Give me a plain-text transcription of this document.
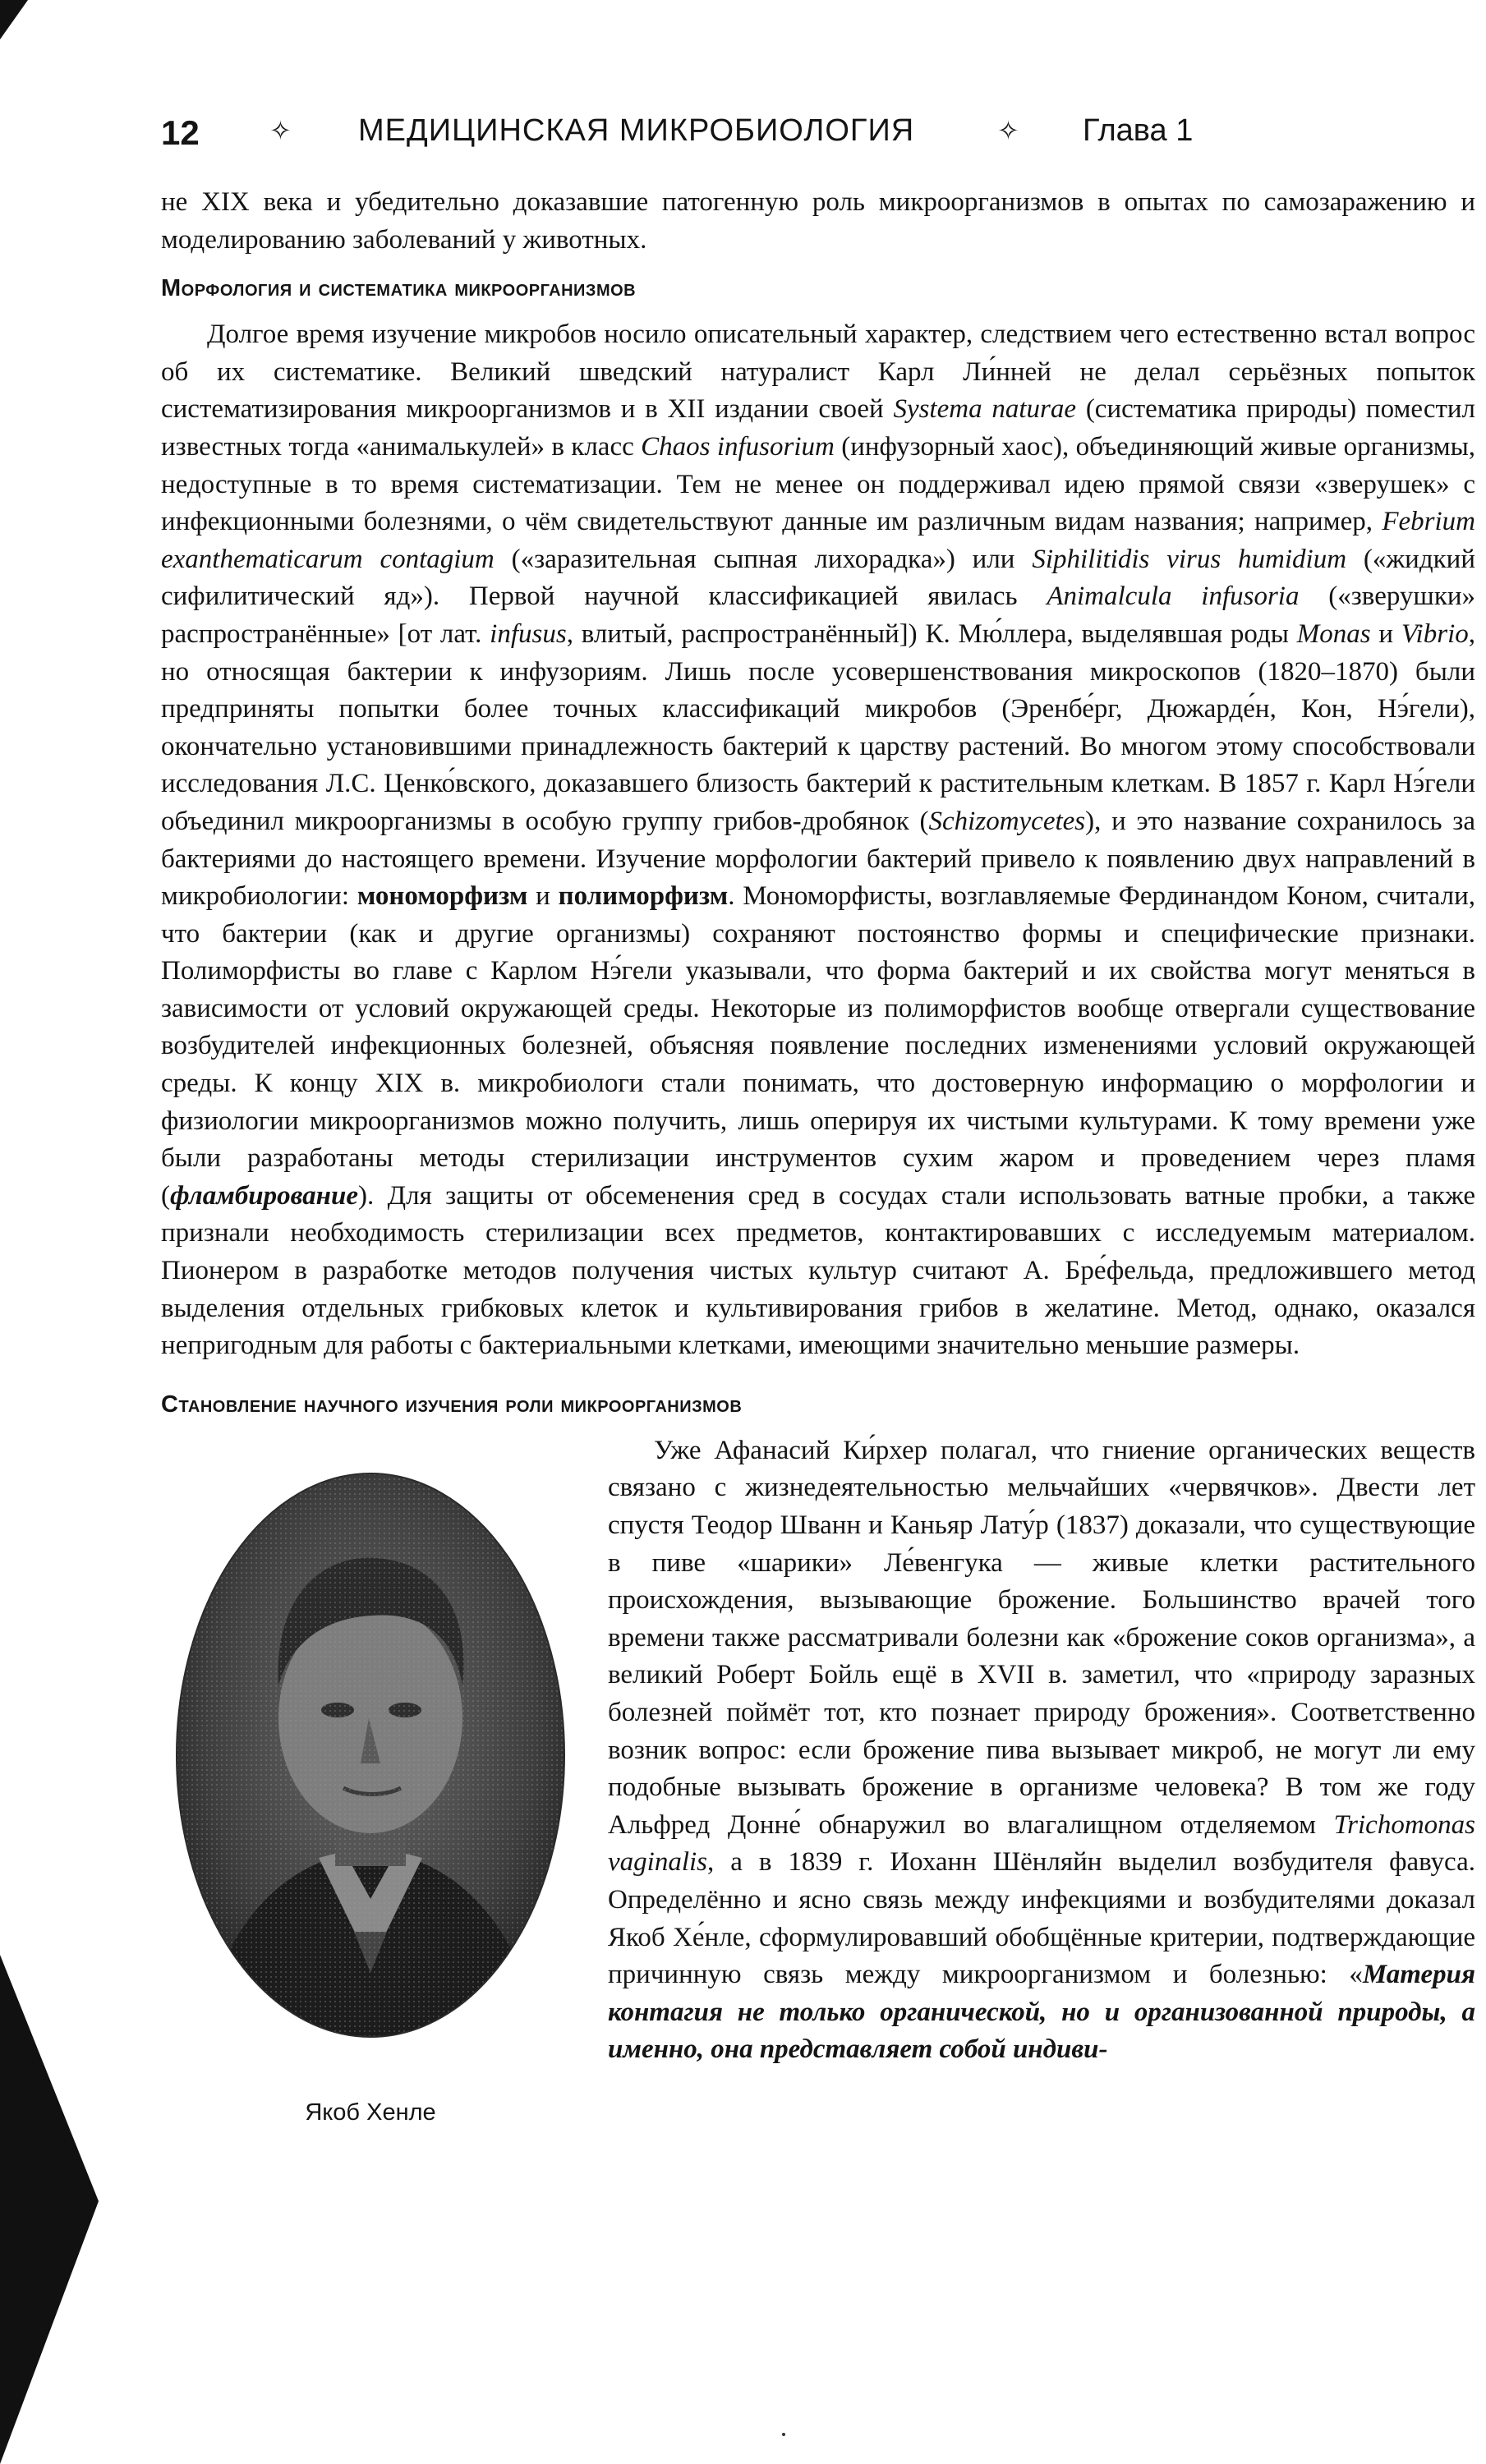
12	✧ МЕДИЦИНСКАЯ МИКРОБИОЛОГИЯ	✧ Глава 1

не XIX века и убедительно доказавшие патогенную роль микроорганизмов в опытах по самозаражению и моделированию заболеваний у животных.

Морфология и систематика микроорганизмов

Долгое время изучение микробов носило описательный характер, следствием чего естественно встал вопрос об их систематике. Великий шведский натуралист Карл Ли́нней не делал серьёзных попыток систематизирования микроорганизмов и в XII издании своей Systema naturae (систематика природы) поместил известных тогда «анималькулей» в класс Chaos infusorium (инфузорный хаос), объединяющий живые организмы, недоступные в то время систематизации. Тем не менее он поддерживал идею прямой связи «зверушек» с инфекционными болезнями, о чём свидетельствуют данные им различным видам названия; например, Febrium exanthematicarum contagium («заразительная сыпная лихорадка») или Siphilitidis virus humidium («жидкий сифилитический яд»). Первой научной классификацией явилась Animalcula infusoria («зверушки» распространённые» [от лат. infusus, влитый, распространённый]) К. Мю́ллера, выделявшая роды Monas и Vibrio, но относящая бактерии к инфузориям. Лишь после усовершенствования микроскопов (1820–1870) были предприняты попытки более точных классификаций микробов (Эренбе́рг, Дюжарде́н, Кон, Нэ́гели), окончательно установившими принадлежность бактерий к царству растений. Во многом этому способствовали исследования Л.С. Ценко́вского, доказавшего близость бактерий к растительным клеткам. В 1857 г. Карл Нэ́гели объединил микроорганизмы в особую группу грибов-дробянок (Schizomycetes), и это название сохранилось за бактериями до настоящего времени. Изучение морфологии бактерий привело к появлению двух направлений в микробиологии: мономорфизм и полиморфизм. Мономорфисты, возглавляемые Фердинандом Коном, считали, что бактерии (как и другие организмы) сохраняют постоянство формы и специфические признаки. Полиморфисты во главе с Карлом Нэ́гели указывали, что форма бактерий и их свойства могут меняться в зависимости от условий окружающей среды. Некоторые из полиморфистов вообще отвергали существование возбудителей инфекционных болезней, объясняя появление последних изменениями условий окружающей среды. К концу XIX в. микробиологи стали понимать, что достоверную информацию о морфологии и физиологии микроорганизмов можно получить, лишь оперируя их чистыми культурами. К тому времени уже были разработаны методы стерилизации инструментов сухим жаром и проведением через пламя (фламбирование). Для защиты от обсеменения сред в сосудах стали использовать ватные пробки, а также признали необходимость стерилизации всех предметов, контактировавших с исследуемым материалом. Пионером в разработке методов получения чистых культур считают А. Бре́фельда, предложившего метод выделения отдельных грибковых клеток и культивирования грибов в желатине. Метод, однако, оказался непригодным для работы с бактериальными клетками, имеющими значительно меньшие размеры.

Становление научного изучения роли микроорганизмов
Якоб Хенле

Уже Афанасий Ки́рхер полагал, что гниение органических веществ связано с жизнедеятельностью мельчайших «червячков». Двести лет спустя Теодор Шванн и Каньяр Лату́р (1837) доказали, что существующие в пиве «шарики» Ле́венгука — живые клетки растительного происхождения, вызывающие брожение. Большинство врачей того времени также рассматривали болезни как «брожение соков организма», а великий Роберт Бойль ещё в XVII в. заметил, что «природу заразных болезней поймёт тот, кто познает природу брожения». Соответственно возник вопрос: если брожение пива вызывает микроб, не могут ли ему подобные вызывать брожение в организме человека? В том же году Альфред Донне́ обнаружил во влагалищном отделяемом Trichomonas vaginalis, а в 1839 г. Иоханн Шёнляйн выделил возбудителя фавуса. Определённо и ясно связь между инфекциями и возбудителями доказал Якоб Хе́нле, сформулировавший обобщённые критерии, подтверждающие причинную связь между микроорганизмом и болезнью: «Материя контагия не только органической, но и организованной природы, а именно, она представляет собой индиви-
